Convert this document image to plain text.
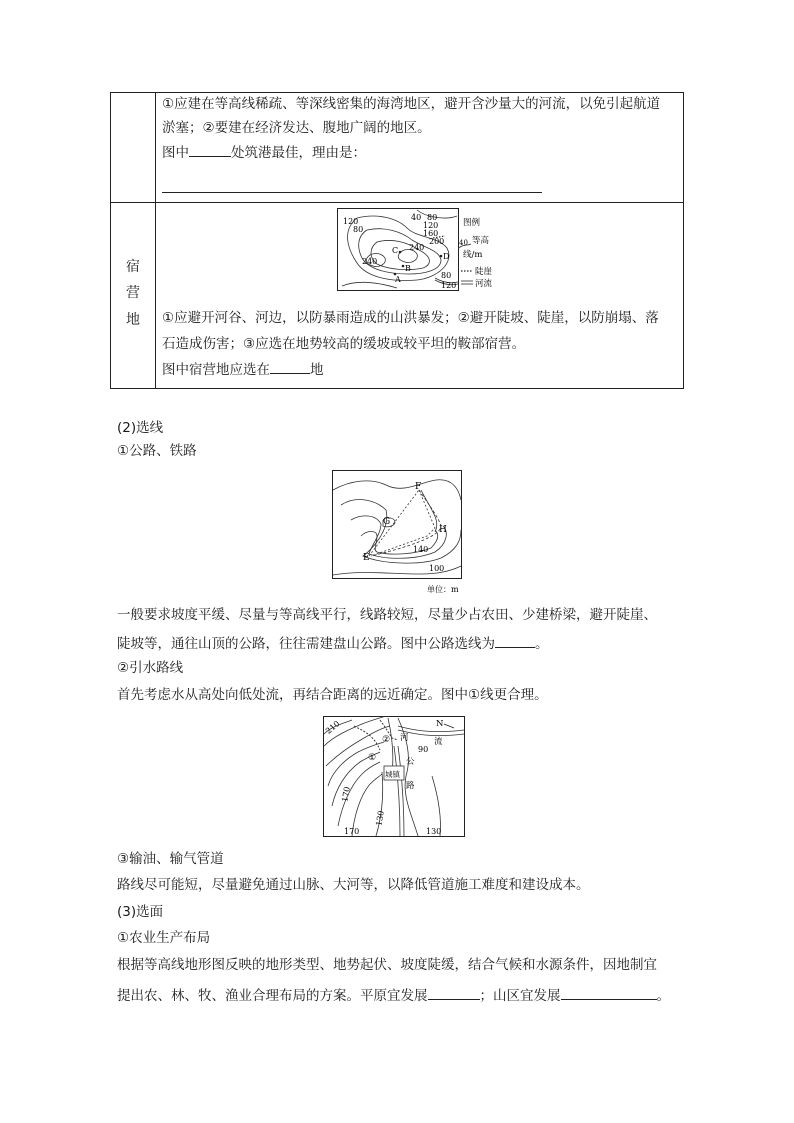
①应建在等高线稀疏、等深线密集的海湾地区，避开含沙量大的河流，以免引起航道
淤塞；②要建在经济发达、腹地广阔的地区。
图中	处筑港最佳，理由是：
宿
营
地
120
80
40 80
120
160
200
240
240
80
120
C
D
B
A
图例
40 等高
线/m
陡崖
河流
①应避开河谷、河边，以防暴雨造成的山洪暴发；②避开陡坡、陡崖，以防崩塌、落
石造成伤害；③应选在地势较高的缓坡或较平坦的鞍部宿营。
图中宿营地应选在	地
(2)选线
①公路、铁路
F
G
H
E
140
100
单位：m
一般要求坡度平缓、尽量与等高线平行，线路较短，尽量少占农田、少建桥梁，避开陡崖、
陡坡等，通往山顶的公路，往往需建盘山公路。图中公路选线为	。
②引水路线
首先考虑水从高处向低处流，再结合距离的远近确定。图中①线更合理。
210
170
130
90
170	130
河	流
公
路
城镇
N
①
②
③输油、输气管道
路线尽可能短，尽量避免通过山脉、大河等，以降低管道施工难度和建设成本。
(3)选面
①农业生产布局
根据等高线地形图反映的地形类型、地势起伏、坡度陡缓，结合气候和水源条件，因地制宜
提出农、林、牧、渔业合理布局的方案。平原宜发展	；山区宜发展	。
